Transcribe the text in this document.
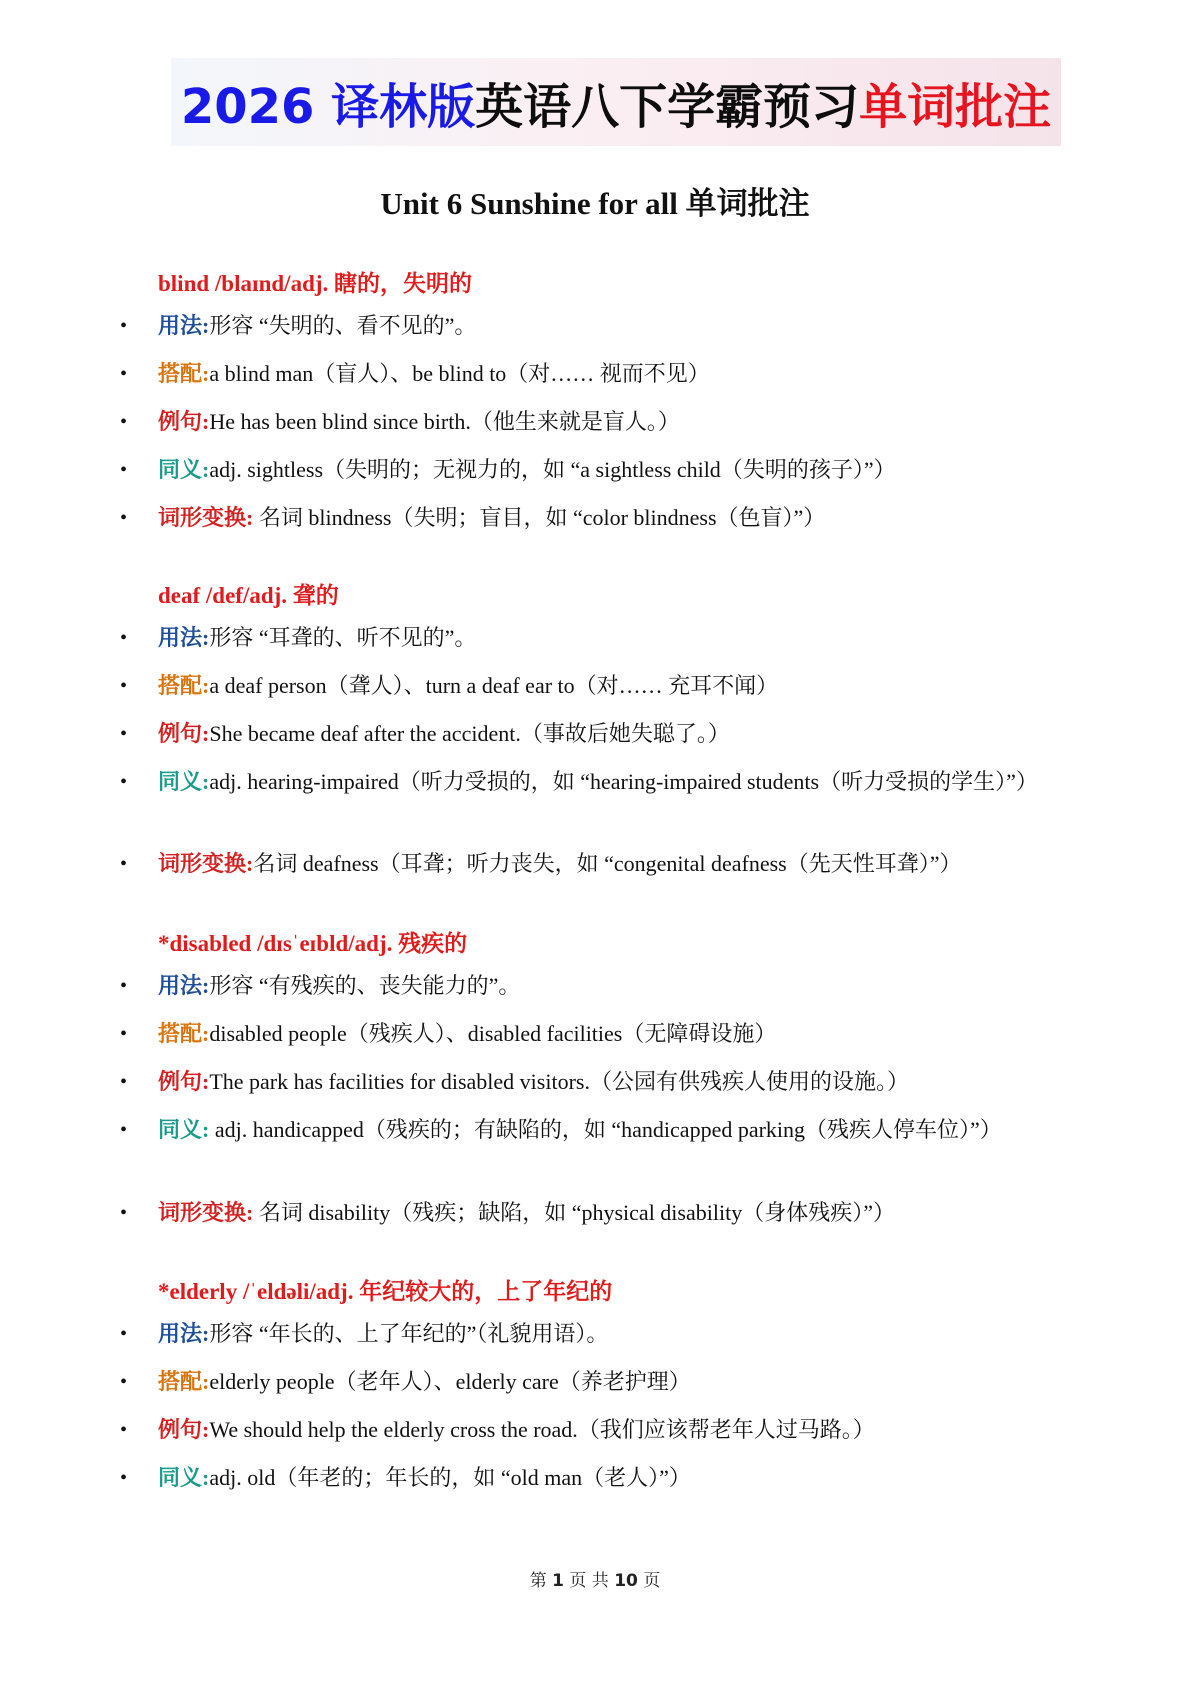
2026 译林版英语八下学霸预习单词批注
Unit 6 Sunshine for all 单词批注
blind /blaɪnd/adj. 瞎的，失明的
• 用法:形容 “失明的、看不见的”。
• 搭配:a blind man（盲人）、be blind to（对…… 视而不见）
• 例句:He has been blind since birth.（他生来就是盲人。）
• 同义:adj. sightless（失明的；无视力的，如 “a sightless child（失明的孩子）”）
• 词形变换: 名词 blindness（失明；盲目，如 “color blindness（色盲）”）
deaf /def/adj. 聋的
• 用法:形容 “耳聋的、听不见的”。
• 搭配:a deaf person（聋人）、turn a deaf ear to（对…… 充耳不闻）
• 例句:She became deaf after the accident.（事故后她失聪了。）
• 同义:adj. hearing-impaired（听力受损的，如 “hearing-impaired students（听力受损的学生）”）
• 词形变换:名词 deafness（耳聋；听力丧失，如 “congenital deafness（先天性耳聋）”）
*disabled /dɪsˈeɪbld/adj. 残疾的
• 用法:形容 “有残疾的、丧失能力的”。
• 搭配:disabled people（残疾人）、disabled facilities（无障碍设施）
• 例句:The park has facilities for disabled visitors.（公园有供残疾人使用的设施。）
• 同义: adj. handicapped（残疾的；有缺陷的，如 “handicapped parking（残疾人停车位）”）
• 词形变换: 名词 disability（残疾；缺陷，如 “physical disability（身体残疾）”）
*elderly /ˈeldəli/adj. 年纪较大的，上了年纪的
• 用法:形容 “年长的、上了年纪的”（礼貌用语）。
• 搭配:elderly people（老年人）、elderly care（养老护理）
• 例句:We should help the elderly cross the road.（我们应该帮老年人过马路。）
• 同义:adj. old（年老的；年长的，如 “old man（老人）”）
第 1 页 共 10 页
